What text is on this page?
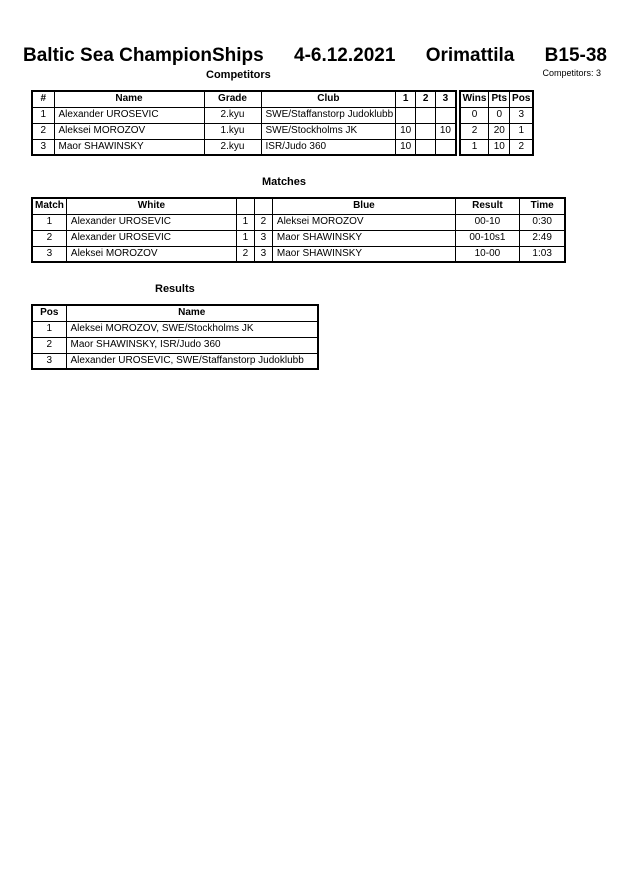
Baltic Sea ChampionShips 4-6.12.2021 Orimattila B15-38
Competitors	Competitors: 3
#	Name	Grade	Club	1	2	3
1	Alexander UROSEVIC	2.kyu	SWE/Staffanstorp Judoklubb			
2	Aleksei MOROZOV	1.kyu	SWE/Stockholms JK	10		10
3	Maor SHAWINSKY	2.kyu	ISR/Judo 360	10		
Wins	Pts	Pos
0	0	3
2	20	1
1	10	2
Matches
Match	White			Blue	Result	Time
1	Alexander UROSEVIC	1	2	Aleksei MOROZOV	00-10	0:30
2	Alexander UROSEVIC	1	3	Maor SHAWINSKY	00-10s1	2:49
3	Aleksei MOROZOV	2	3	Maor SHAWINSKY	10-00	1:03
Results
Pos	Name
1	Aleksei MOROZOV, SWE/Stockholms JK
2	Maor SHAWINSKY, ISR/Judo 360
3	Alexander UROSEVIC, SWE/Staffanstorp Judoklubb
